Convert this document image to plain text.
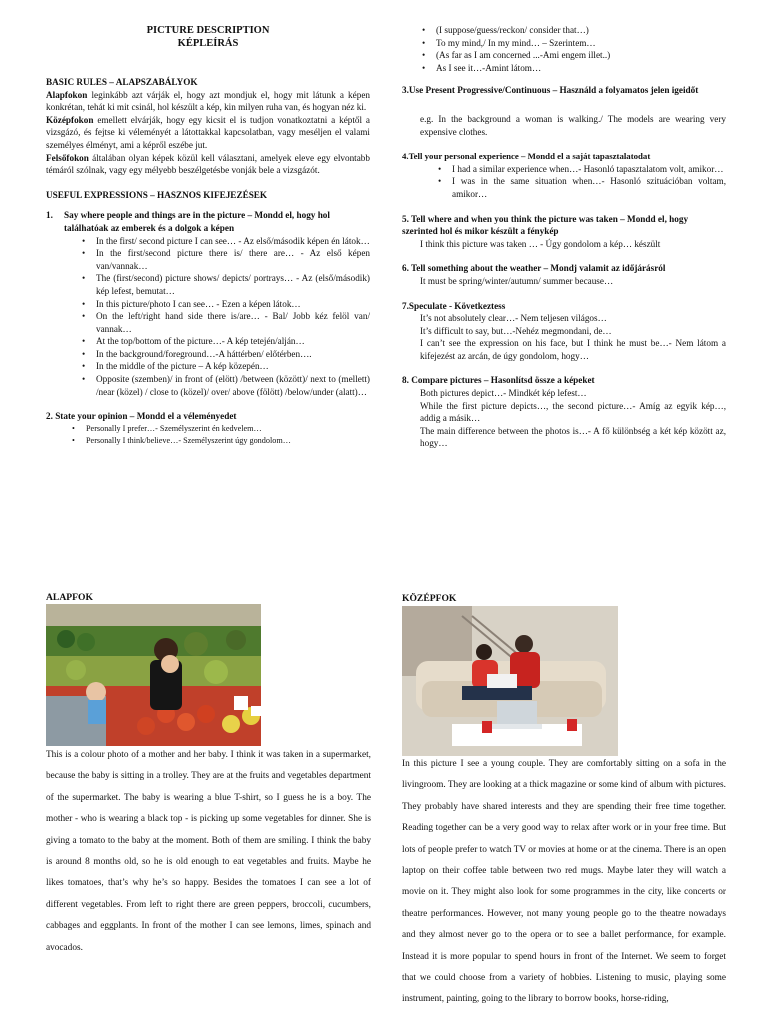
PICTURE DESCRIPTION
KÉPLEÍRÁS
BASIC RULES – ALAPSZABÁLYOK

Alapfokon leginkább azt várják el, hogy azt mondjuk el, hogy mit látunk a képen konkrétan, tehát ki mit csinál, hol készült a kép, kin milyen ruha van, és hogyan néz ki.

Középfokon emellett elvárják, hogy egy kicsit el is tudjon vonatkoztatni a képtől a vizsgázó, és fejtse ki véleményét a látottakkal kapcsolatban, vagy meséljen el valami személyes élményt, ami a képről eszébe jut.

Felsőfokon általában olyan képek közül kell választani, amelyek eleve egy elvontabb témáról szólnak, vagy egy mélyebb beszélgetésbe vonják bele a vizsgázót.

USEFUL EXPRESSIONS – HASZNOS KIFEJEZÉSEK
1. Say where people and things are in the picture – Mondd el, hogy hol találhatóak az emberek és a dolgok a képen
• In the first/ second picture I can see… - Az első/második képen én látok…
• In the first/second picture there is/ there are… - Az első képen van/vannak…
• The (first/second) picture shows/ depicts/ portrays… - Az (első/második) kép lefest, bemutat…
• In this picture/photo I can see… - Ezen a képen látok…
• On the left/right hand side there is/are… - Bal/ Jobb kéz felöl van/ vannak…
• At the top/bottom of the picture…- A kép tetején/alján…
• In the background/foreground…-A háttérben/ előtérben….
• In the middle of the picture – A kép közepén…
• Opposite (szemben)/ in front of (elött) /between (között)/ next to (mellett) /near (közel) / close to (közel)/ over/ above (fölött) /below/under (alatt)…
2. State your opinion – Mondd el a véleményedet
• Personally I prefer…- Személyszerint én kedvelem…
• Personally I think/believe…- Személyszerint úgy gondolom…
• (I suppose/guess/reckon/ consider that…)
• To my mind,/ In my mind… – Szerintem…
• (As far as I am concerned ...-Ami engem illet..)
• As I see it…-Amint látom…
3.Use Present Progressive/Continuous – Használd a folyamatos jelen igeidőt
e.g. In the background a woman is walking./ The models are wearing very expensive clothes.
4.Tell your personal experience – Mondd el a saját tapasztalatodat
• I had a similar experience when…- Hasonló tapasztalatom volt, amikor…
• I was in the same situation when…- Hasonló szituációban voltam, amikor…
5. Tell where and when you think the picture was taken – Mondd el, hogy szerinted hol és mikor készült a fénykép
I think this picture was taken … - Úgy gondolom a kép… készült
6. Tell something about the weather – Mondj valamit az időjárásról
It must be spring/winter/autumn/ summer because…
7.Speculate - Következtess
It’s not absolutely clear…- Nem teljesen világos…
It’s difficult to say, but…-Nehéz megmondani, de…
I can’t see the expression on his face, but I think he must be…- Nem látom a kifejezést az arcán, de úgy gondolom, hogy…
8. Compare pictures – Hasonlítsd össze a képeket
Both pictures depict…- Mindkét kép lefest…
While the first picture depicts…, the second picture…- Amíg az egyik kép…, addig a másik…
The main difference between the photos is…- A fő különbség a két kép között az, hogy…
ALAPFOK
This is a colour photo of a mother and her baby. I think it was taken in a supermarket, because the baby is sitting in a trolley. They are at the fruits and vegetables department of the supermarket. The baby is wearing a blue T-shirt, so I guess he is a boy. The mother - who is wearing a black top - is picking up some vegetables for dinner. She is giving a tomato to the baby at the moment. Both of them are smiling. I think the baby is around 8 months old, so he is old enough to eat vegetables and fruits. Maybe he likes tomatoes, that’s why he’s so happy. Besides the tomatoes I can see a lot of different vegetables. From left to right there are green peppers, broccoli, cucumbers, cabbages and eggplants. In front of the mother I can see lemons, limes, spinach and avocados.
KÖZÉPFOK
In this picture I see a young couple. They are comfortably sitting on a sofa in the livingroom. They are looking at a thick magazine or some kind of album with pictures. They probably have shared interests and they are spending their free time together. Reading together can be a very good way to relax after work or in your free time. But lots of people prefer to watch TV or movies at home or at the cinema. There is an open laptop on their coffee table between two red mugs. Maybe later they will watch a movie on it. They might also look for some programmes in the city, like concerts or theatre performances. However, not many young people go to the theatre nowadays and they almost never go to the opera or to see a ballet performance, for example. Instead it is more popular to spend hours in front of the Internet. We seem to forget that we could choose from a variety of hobbies. Listening to music, playing some instrument, painting, going to the library to borrow books, horse-riding,
